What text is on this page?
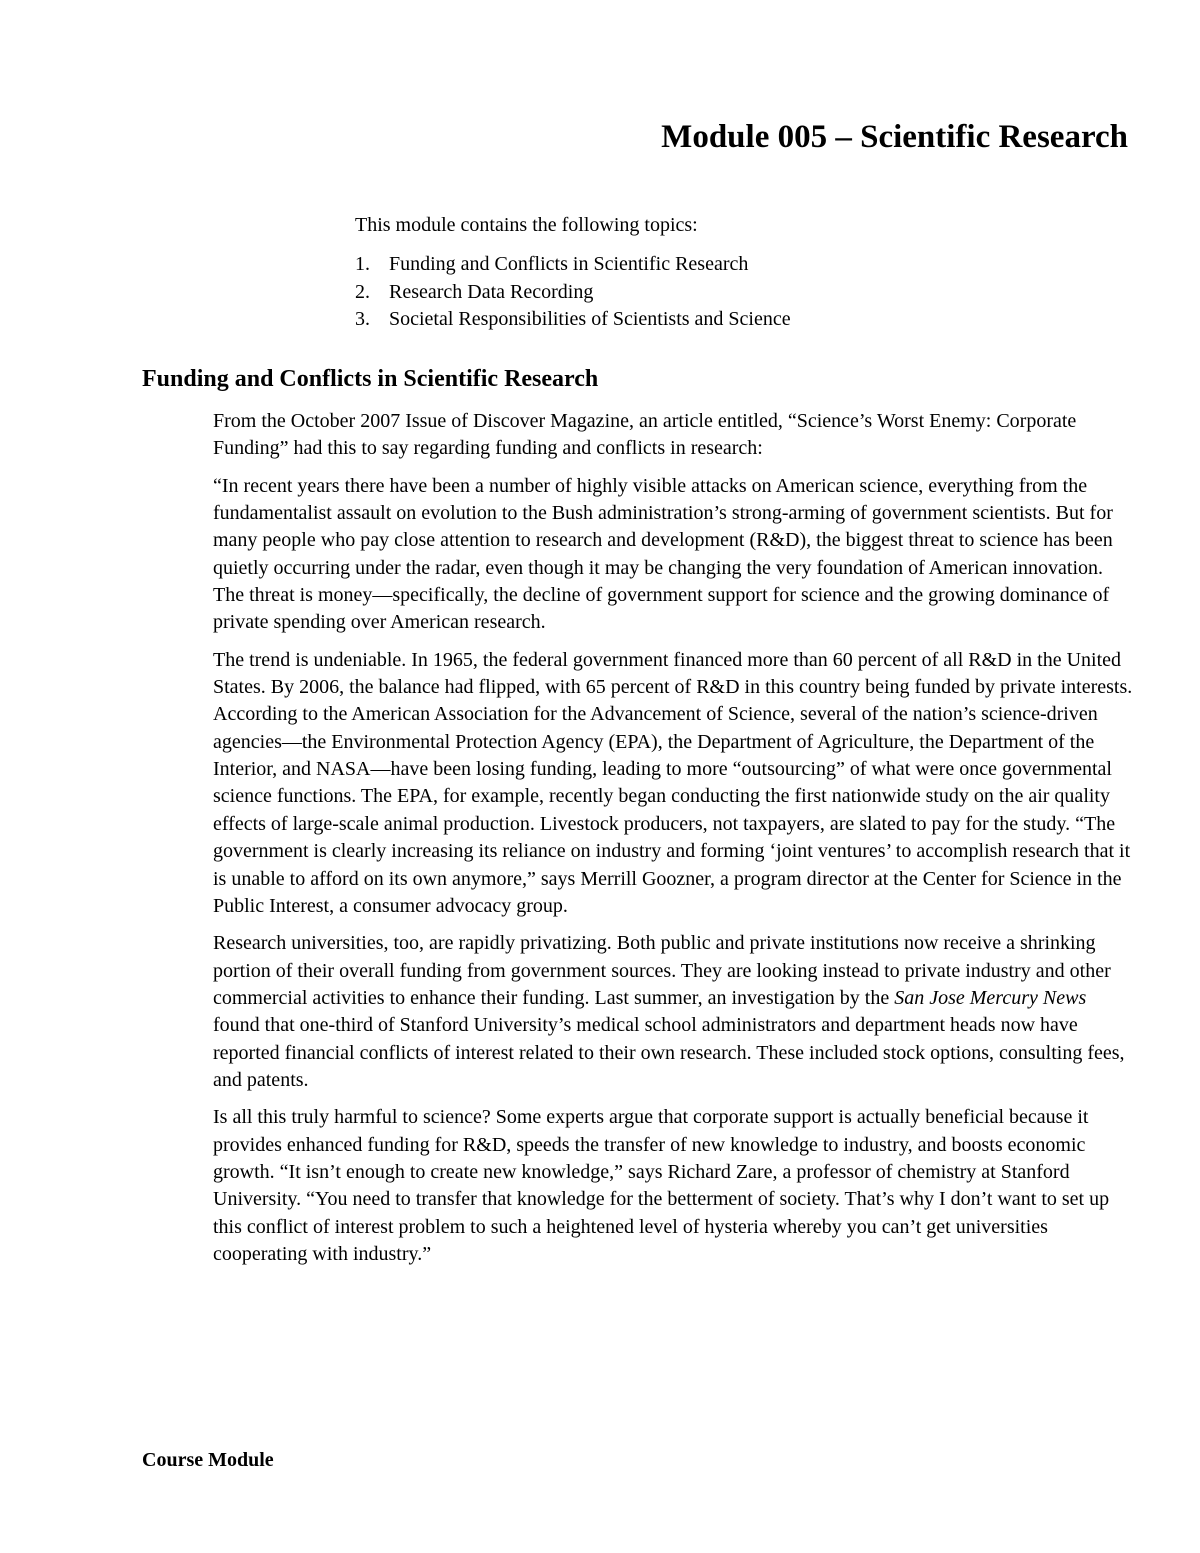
Module 005 – Scientific Research

This module contains the following topics:

1. Funding and Conflicts in Scientific Research
2. Research Data Recording
3. Societal Responsibilities of Scientists and Science
Funding and Conflicts in Scientific Research

From the October 2007 Issue of Discover Magazine, an article entitled, “Science’s Worst Enemy: Corporate Funding” had this to say regarding funding and conflicts in research:

“In recent years there have been a number of highly visible attacks on American science, everything from the fundamentalist assault on evolution to the Bush administration’s strong-arming of government scientists. But for many people who pay close attention to research and development (R&D), the biggest threat to science has been quietly occurring under the radar, even though it may be changing the very foundation of American innovation. The threat is money—specifically, the decline of government support for science and the growing dominance of private spending over American research.

The trend is undeniable. In 1965, the federal government financed more than 60 percent of all R&D in the United States. By 2006, the balance had flipped, with 65 percent of R&D in this country being funded by private interests. According to the American Association for the Advancement of Science, several of the nation’s science-driven agencies—the Environmental Protection Agency (EPA), the Department of Agriculture, the Department of the Interior, and NASA—have been losing funding, leading to more “outsourcing” of what were once governmental science functions. The EPA, for example, recently began conducting the first nationwide study on the air quality effects of large-scale animal production. Livestock producers, not taxpayers, are slated to pay for the study. “The government is clearly increasing its reliance on industry and forming ‘joint ventures’ to accomplish research that it is unable to afford on its own anymore,” says Merrill Goozner, a program director at the Center for Science in the Public Interest, a consumer advocacy group.

Research universities, too, are rapidly privatizing. Both public and private institutions now receive a shrinking portion of their overall funding from government sources. They are looking instead to private industry and other commercial activities to enhance their funding. Last summer, an investigation by the San Jose Mercury News found that one-third of Stanford University’s medical school administrators and department heads now have reported financial conflicts of interest related to their own research. These included stock options, consulting fees, and patents.

Is all this truly harmful to science? Some experts argue that corporate support is actually beneficial because it provides enhanced funding for R&D, speeds the transfer of new knowledge to industry, and boosts economic growth. “It isn’t enough to create new knowledge,” says Richard Zare, a professor of chemistry at Stanford University. “You need to transfer that knowledge for the betterment of society. That’s why I don’t want to set up this conflict of interest problem to such a heightened level of hysteria whereby you can’t get universities cooperating with industry.”

Course Module
